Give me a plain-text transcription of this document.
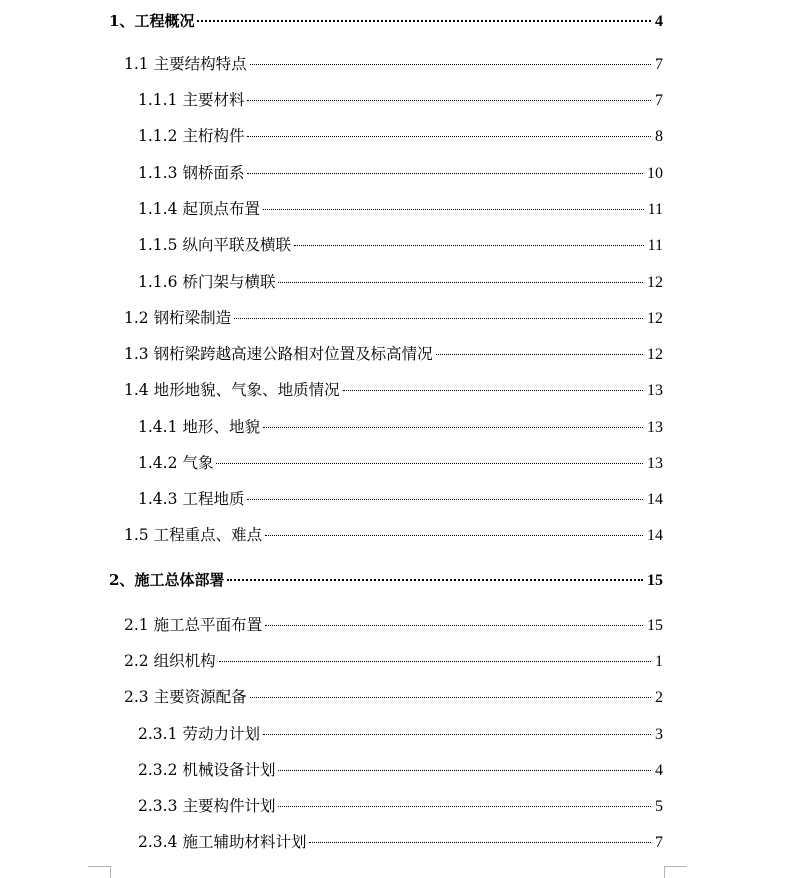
1、 工程概况	4
1.1 主要结构特点	7
1.1.1 主要材料	7
1.1.2 主桁构件	8
1.1.3 钢桥面系	10
1.1.4 起顶点布置	11
1.1.5 纵向平联及横联	11
1.1.6 桥门架与横联	12
1.2 钢桁梁制造	12
1.3 钢桁梁跨越高速公路相对位置及标高情况	12
1.4 地形地貌、气象、地质情况	13
1.4.1 地形、地貌	13
1.4.2 气象	13
1.4.3 工程地质	14
1.5 工程重点、难点	14
2、 施工总体部署	15
2.1 施工总平面布置	15
2.2 组织机构	1
2.3 主要资源配备	2
2.3.1 劳动力计划	3
2.3.2 机械设备计划	4
2.3.3 主要构件计划	5
2.3.4 施工辅助材料计划	7
